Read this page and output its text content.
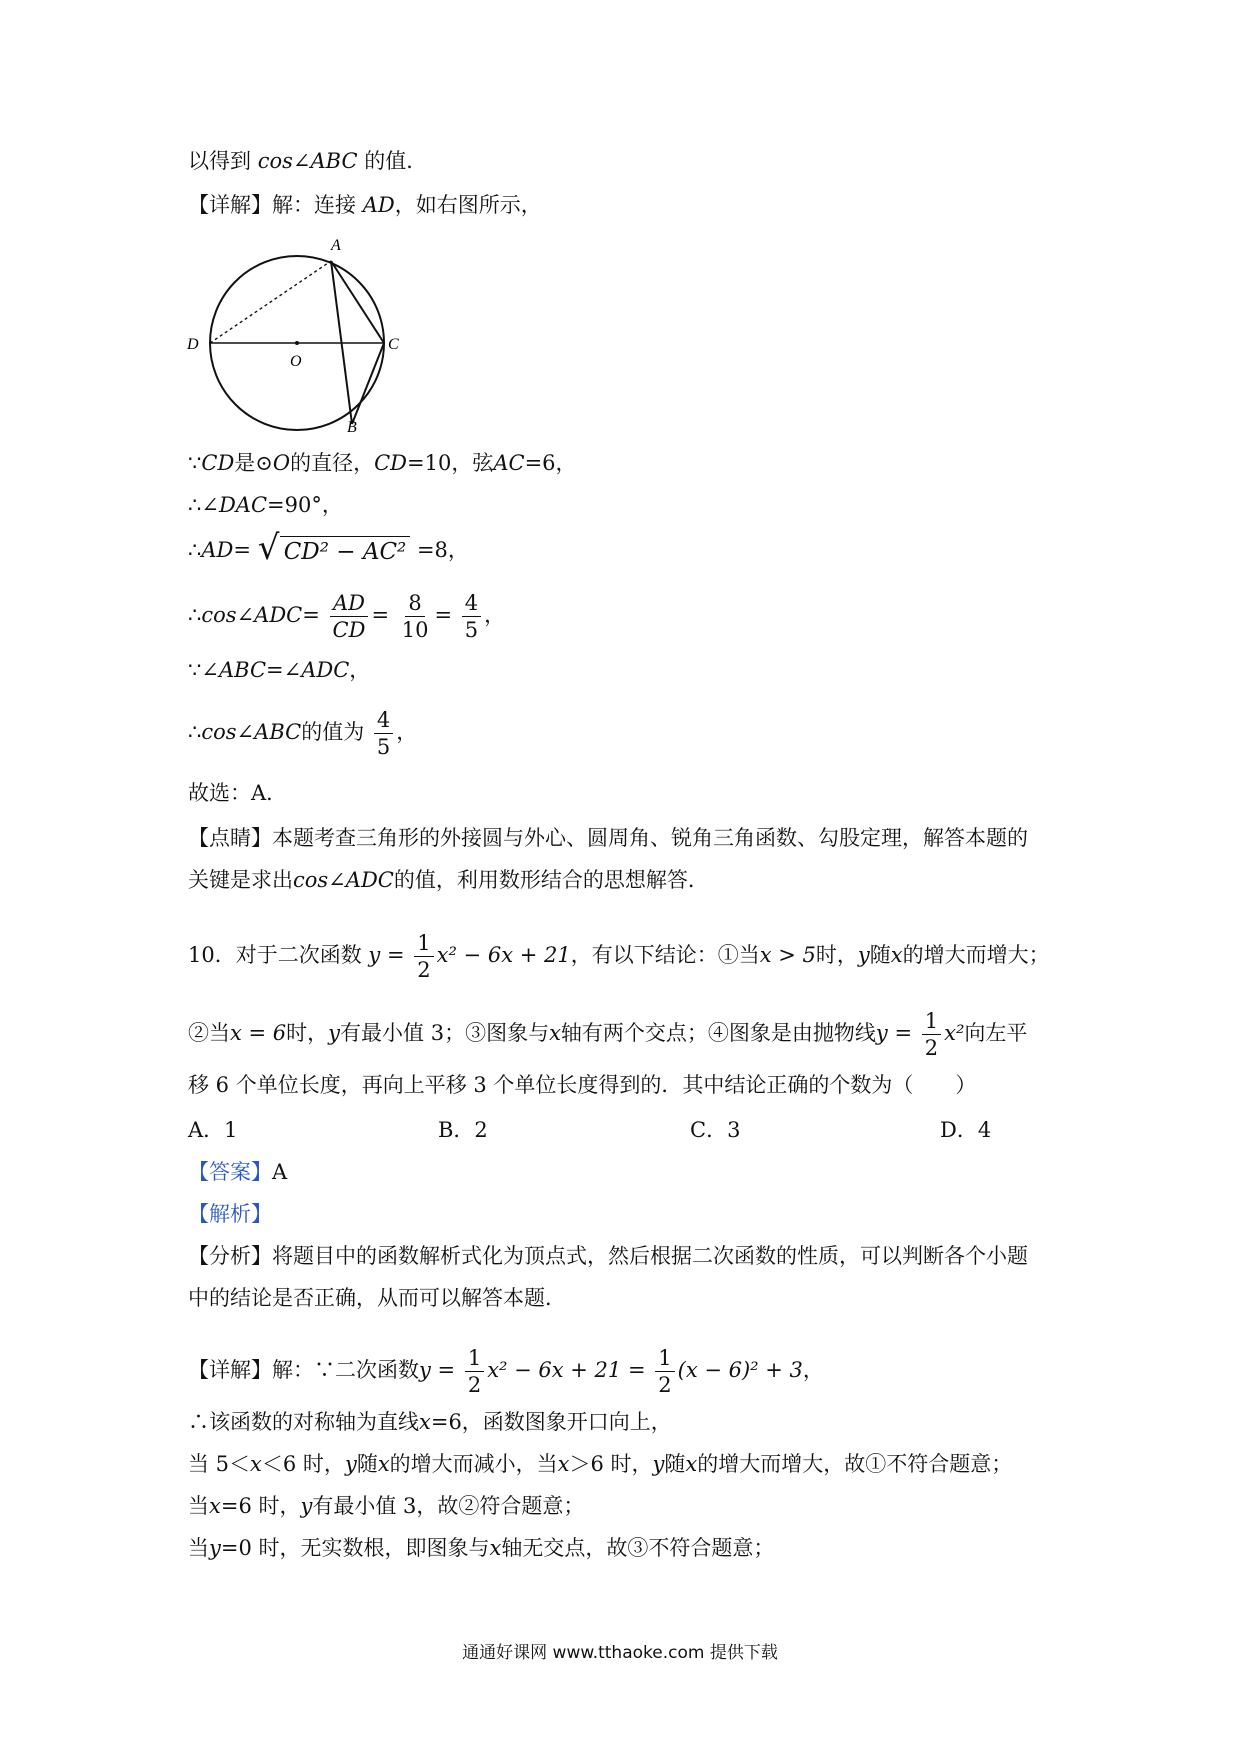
以得到 cos∠ABC 的值．
【详解】解：连接 AD，如右图所示，
A
D
O
C
B
∵CD是⊙O的直径，CD=10，弦AC=6，
∴∠DAC=90°，
∴AD= √ CD² − AC² =8，
∴cos∠ADC= $\frac{AD}{CD} = \frac{8}{10} = \frac{4}{5}$ ，
∵∠ABC=∠ADC，
∴cos∠ABC的值为 $\frac{4}{5}$ ，
故选：A．
【点睛】本题考查三角形的外接圆与外心、圆周角、锐角三角函数、勾股定理，解答本题的
关键是求出cos∠ADC的值，利用数形结合的思想解答．
10．对于二次函数 $y = \frac{1}{2} x^2 - 6x + 21$，有以下结论：①当x > 5时，y随x的增大而增大；
②当x = 6时，y有最小值 3；③图象与x轴有两个交点；④图象是由抛物线$y = \frac{1}{2} x^2$向左平
移 6 个单位长度，再向上平移 3 个单位长度得到的．其中结论正确的个数为（　　）
A．1	B．2	C．3	D．4
【答案】A
【解析】
【分析】将题目中的函数解析式化为顶点式，然后根据二次函数的性质，可以判断各个小题
中的结论是否正确，从而可以解答本题．
【详解】解：∵二次函数$y = \frac{1}{2} x^2 - 6x + 21 = \frac{1}{2} (x - 6)^2 + 3$，
∴该函数的对称轴为直线x=6，函数图象开口向上，
当 5＜x＜6 时，y随x的增大而减小，当x＞6 时，y随x的增大而增大，故①不符合题意；
当x=6 时，y有最小值 3，故②符合题意；
当y=0 时，无实数根，即图象与x轴无交点，故③不符合题意；
通通好课网 www.tthaoke.com 提供下载
